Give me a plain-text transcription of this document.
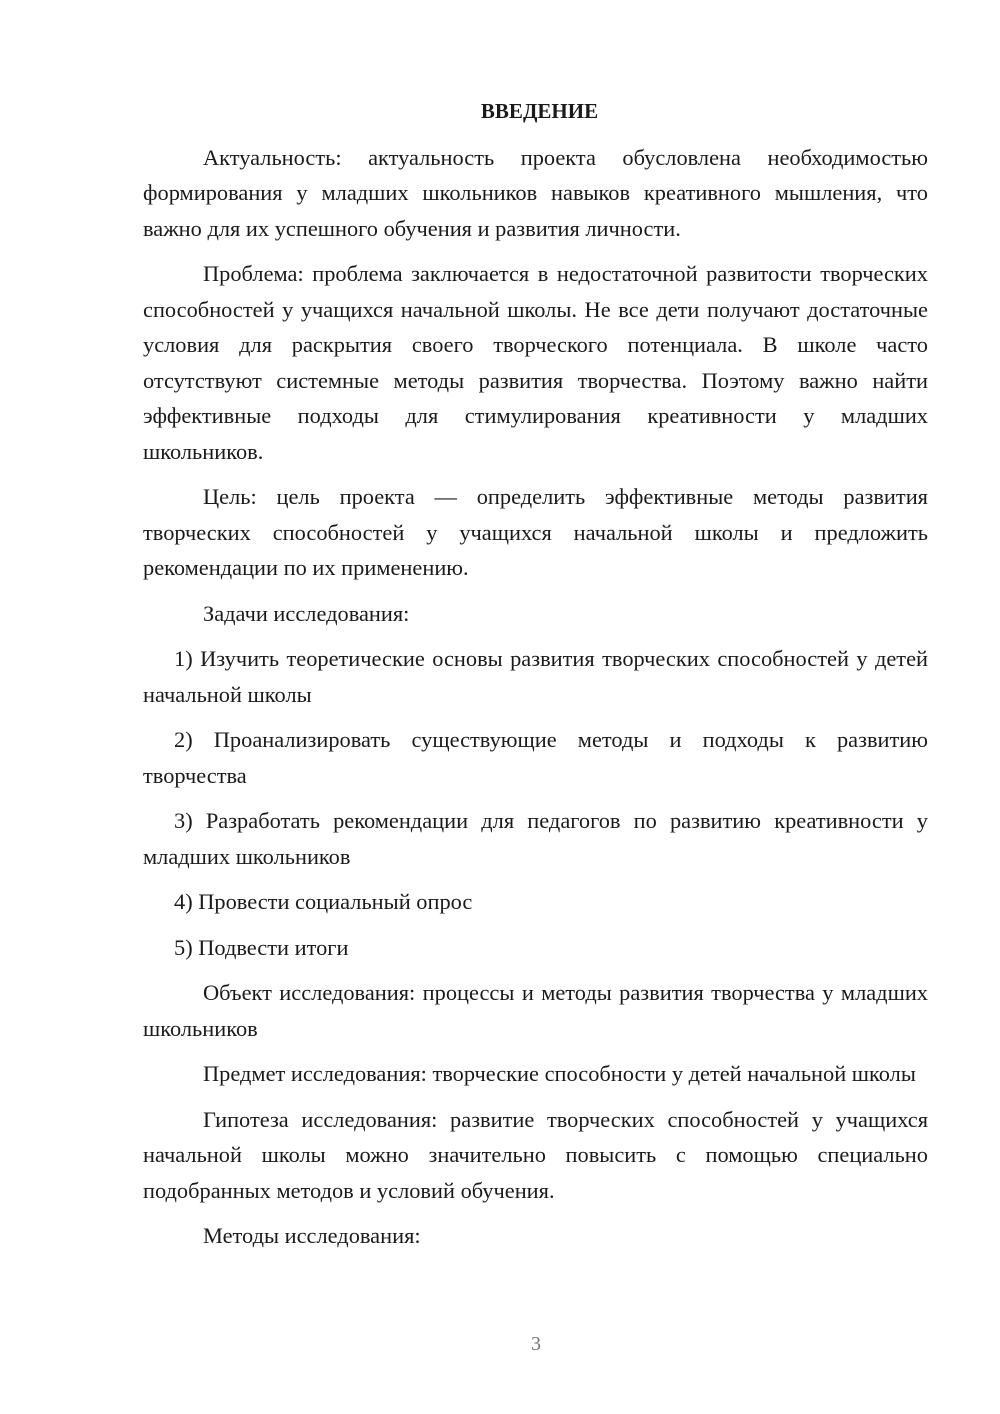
ВВЕДЕНИЕ
Актуальность: актуальность проекта обусловлена необходимостью формирования у младших школьников навыков креативного мышления, что важно для их успешного обучения и развития личности.
Проблема: проблема заключается в недостаточной развитости творческих способностей у учащихся начальной школы. Не все дети получают достаточные условия для раскрытия своего творческого потенциала. В школе часто отсутствуют системные методы развития творчества. Поэтому важно найти эффективные подходы для стимулирования креативности у младших школьников.
Цель: цель проекта — определить эффективные методы развития творческих способностей у учащихся начальной школы и предложить рекомендации по их применению.
Задачи исследования:
1) Изучить теоретические основы развития творческих способностей у детей начальной школы
2) Проанализировать существующие методы и подходы к развитию творчества
3) Разработать рекомендации для педагогов по развитию креативности у младших школьников
4) Провести социальный опрос
5) Подвести итоги
Объект исследования: процессы и методы развития творчества у младших школьников
Предмет исследования: творческие способности у детей начальной школы
Гипотеза исследования: развитие творческих способностей у учащихся начальной школы можно значительно повысить с помощью специально подобранных методов и условий обучения.
Методы исследования:
3
